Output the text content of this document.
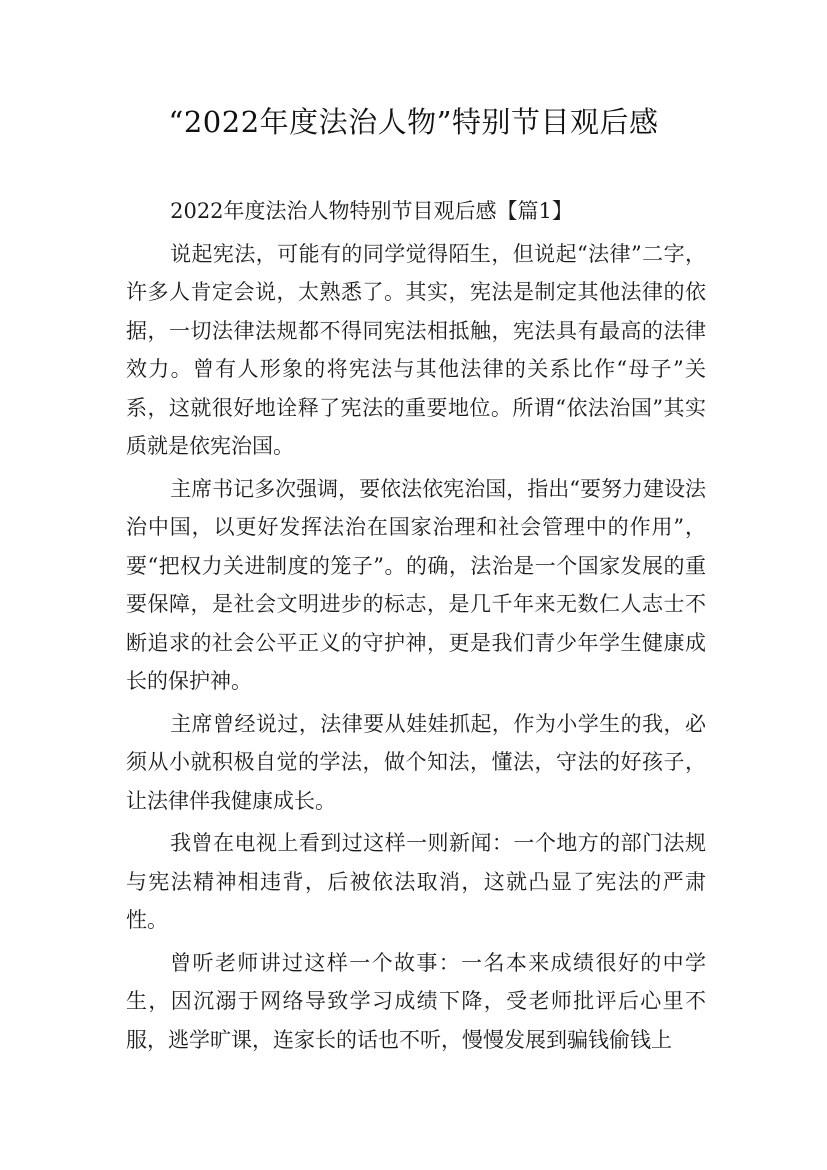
“2022年度法治人物”特别节目观后感

2022年度法治人物特别节目观后感【篇1】

说起宪法，可能有的同学觉得陌生，但说起“法律”二字，许多人肯定会说，太熟悉了。其实，宪法是制定其他法律的依据，一切法律法规都不得同宪法相抵触，宪法具有最高的法律效力。曾有人形象的将宪法与其他法律的关系比作“母子”关系，这就很好地诠释了宪法的重要地位。所谓“依法治国”其实质就是依宪治国。

主席书记多次强调，要依法依宪治国，指出“要努力建设法治中国，以更好发挥法治在国家治理和社会管理中的作用”，要“把权力关进制度的笼子”。的确，法治是一个国家发展的重要保障，是社会文明进步的标志，是几千年来无数仁人志士不断追求的社会公平正义的守护神，更是我们青少年学生健康成长的保护神。

主席曾经说过，法律要从娃娃抓起，作为小学生的我，必须从小就积极自觉的学法，做个知法，懂法，守法的好孩子，让法律伴我健康成长。

我曾在电视上看到过这样一则新闻：一个地方的部门法规与宪法精神相违背，后被依法取消，这就凸显了宪法的严肃性。

曾听老师讲过这样一个故事：一名本来成绩很好的中学生，因沉溺于网络导致学习成绩下降，受老师批评后心里不服，逃学旷课，连家长的话也不听，慢慢发展到骗钱偷钱上
